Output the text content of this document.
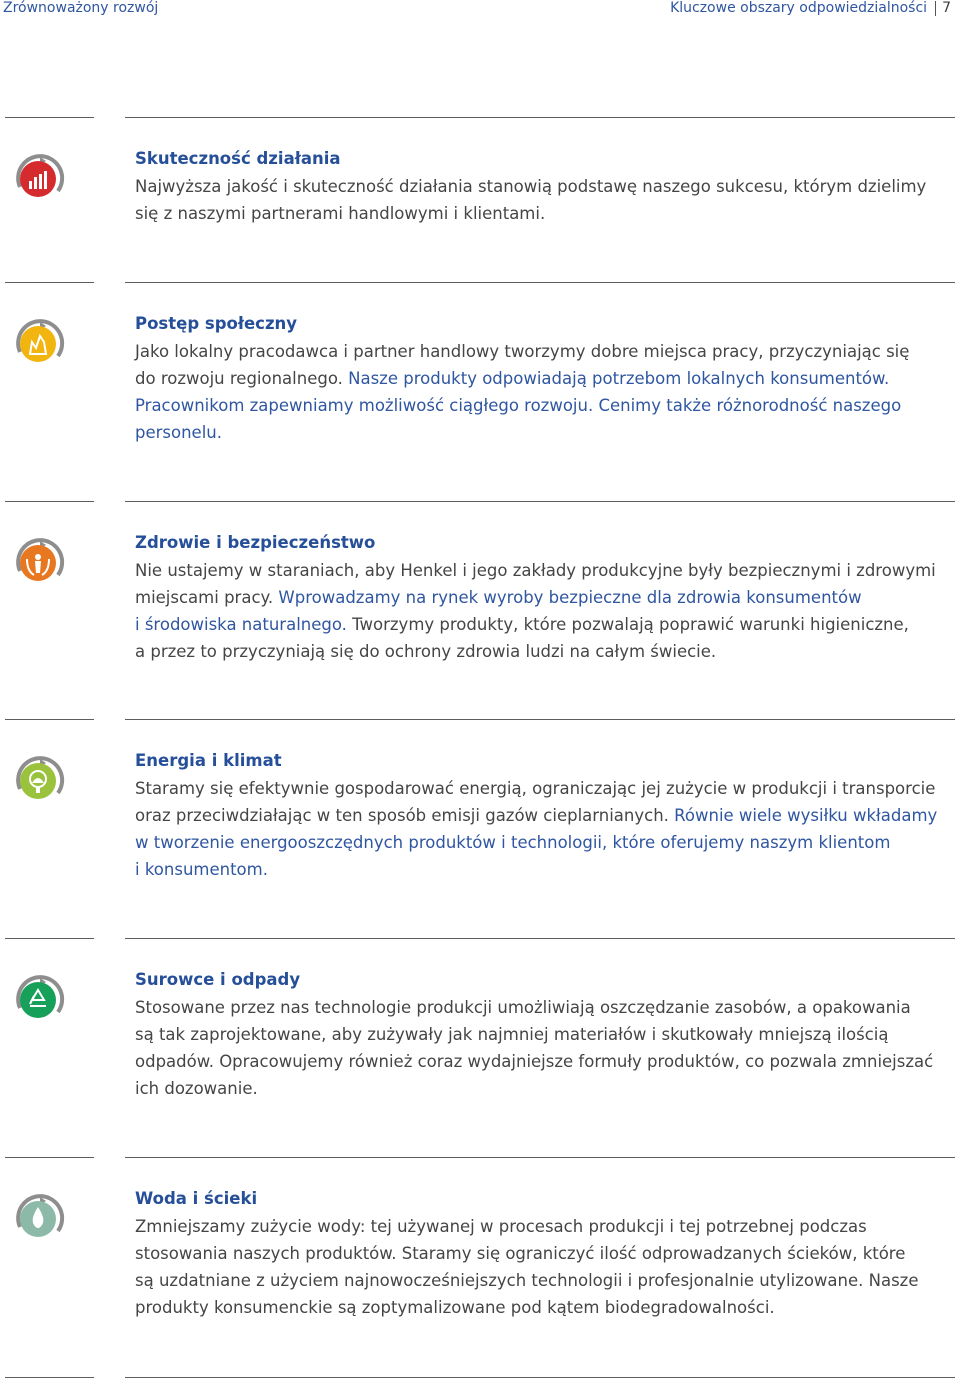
Zrównoważony rozwój	Kluczowe obszary odpowiedzialności 7
Skuteczność działania
Najwyższa jakość i skuteczność działania stanowią podstawę naszego sukcesu, którym dzielimy
się z naszymi partnerami handlowymi i klientami.
Postęp społeczny
Jako lokalny pracodawca i partner handlowy tworzymy dobre miejsca pracy, przyczyniając się
do rozwoju regionalnego. Nasze produkty odpowiadają potrzebom lokalnych konsumentów.
Pracownikom zapewniamy możliwość ciągłego rozwoju. Cenimy także różnorodność naszego
personelu.
Zdrowie i bezpieczeństwo
Nie ustajemy w staraniach, aby Henkel i jego zakłady produkcyjne były bezpiecznymi i zdrowymi
miejscami pracy. Wprowadzamy na rynek wyroby bezpieczne dla zdrowia konsumentów
i środowiska naturalnego. Tworzymy produkty, które pozwalają poprawić warunki higieniczne,
a przez to przyczyniają się do ochrony zdrowia ludzi na całym świecie.
Energia i klimat
Staramy się efektywnie gospodarować energią, ograniczając jej zużycie w produkcji i transporcie
oraz przeciwdziałając w ten sposób emisji gazów cieplarnianych. Równie wiele wysiłku wkładamy
w tworzenie energooszczędnych produktów i technologii, które oferujemy naszym klientom
i konsumentom.
Surowce i odpady
Stosowane przez nas technologie produkcji umożliwiają oszczędzanie zasobów, a opakowania
są tak zaprojektowane, aby zużywały jak najmniej materiałów i skutkowały mniejszą ilością
odpadów. Opracowujemy również coraz wydajniejsze formuły produktów, co pozwala zmniejszać
ich dozowanie.
Woda i ścieki
Zmniejszamy zużycie wody: tej używanej w procesach produkcji i tej potrzebnej podczas
stosowania naszych produktów. Staramy się ograniczyć ilość odprowadzanych ścieków, które
są uzdatniane z użyciem najnowocześniejszych technologii i profesjonalnie utylizowane. Nasze
produkty konsumenckie są zoptymalizowane pod kątem biodegradowalności.
